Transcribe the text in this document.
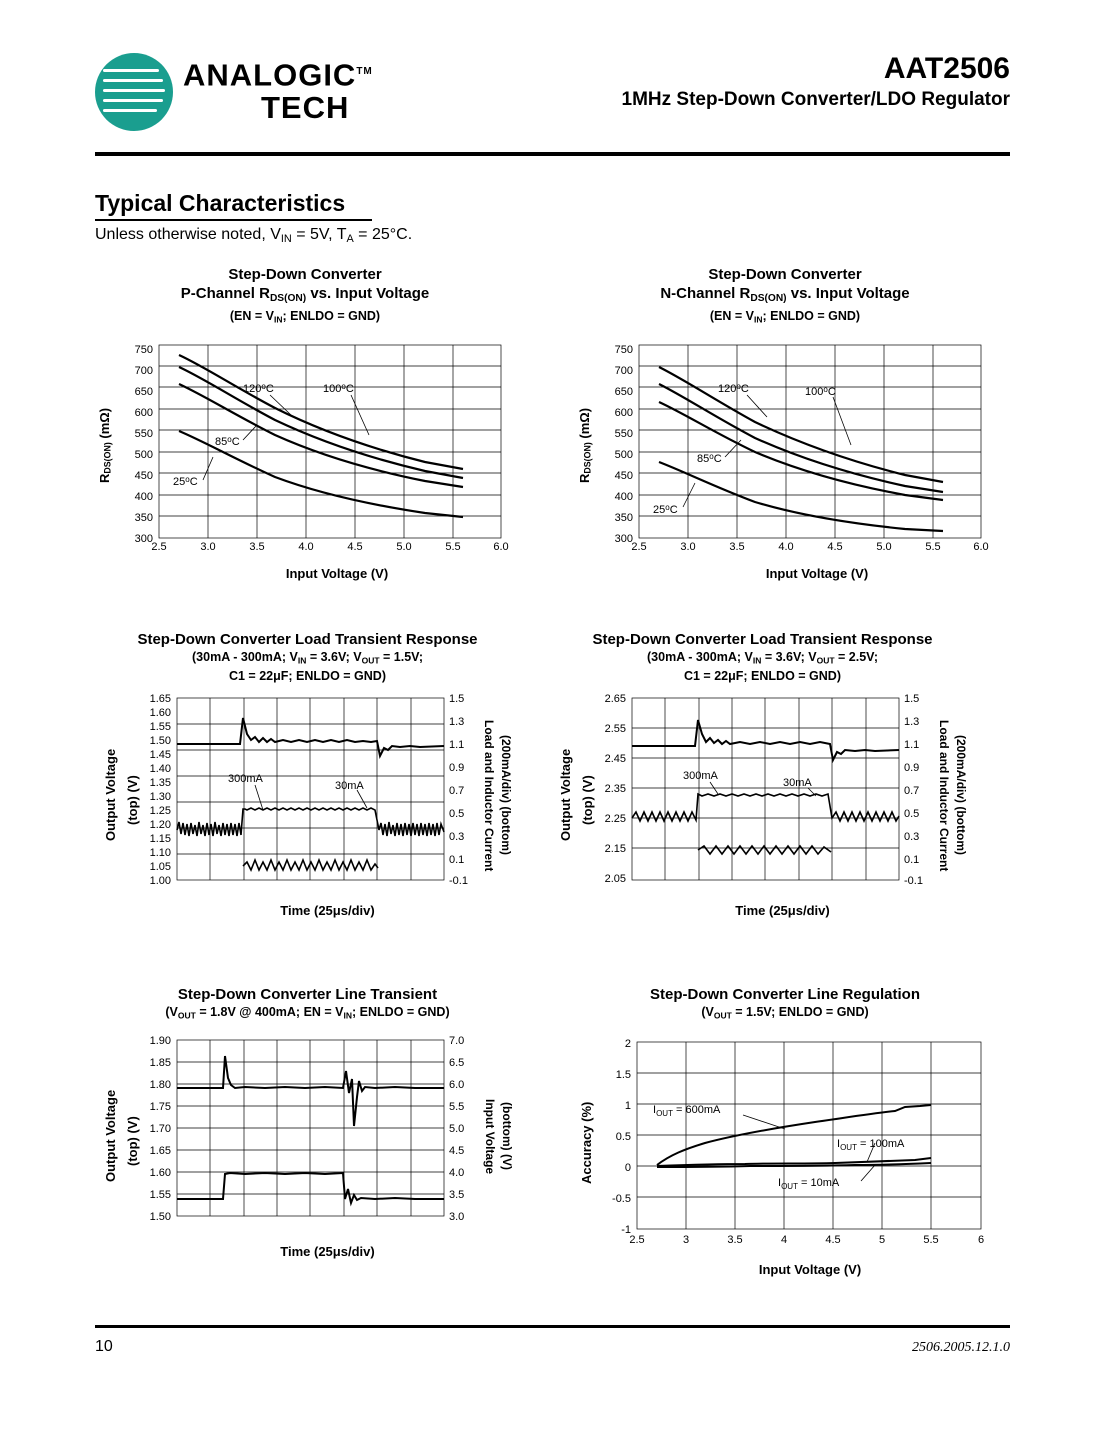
ANALOGIC™
TECH
AAT2506
1MHz Step-Down Converter/LDO Regulator
Typical Characteristics
Unless otherwise noted, $V_{IN} = 5V$, $T_A = 25^\circ C$.
Step-Down Converter
P-Channel $R_{DS(ON)}$ vs. Input Voltage
($EN = V_{IN}$; ENLDO = GND)
750
700
650
600
550
500
450
400
350
300
120$^o$C	100$^o$C
85$^o$C
25$^o$C
2.5	3.0	3.5	4.0	4.5	5.0	5.5	6.0
$R_{DS(ON)}$ (mΩ)
Input Voltage (V)
Step-Down Converter
N-Channel $R_{DS(ON)}$ vs. Input Voltage
($EN = V_{IN}$; ENLDO = GND)
750
700
650
600
550
500
450
400
350
300
120$^o$C	100$^o$C
85$^o$C
25$^o$C
2.5	3.0	3.5	4.0	4.5	5.0	5.5	6.0
$R_{DS(ON)}$ (mΩ)
Input Voltage (V)
Step-Down Converter Load Transient Response
(30mA - 300mA; $V_{IN} = 3.6V$; $V_{OUT} = 1.5V$;
C1 = 22μF; ENLDO = GND)
1.65
1.60
1.55
1.50
1.45
1.40
1.35
1.30
1.25
1.20
1.15
1.10
1.05
1.00
1.5
1.3
1.1
0.9
0.7
0.5
0.3
0.1
-0.1
300mA
30mA
Output Voltage (top) (V)	Load and Inductor Current (200mA/div) (bottom)
Time (25μs/div)
Step-Down Converter Load Transient Response
(30mA - 300mA; $V_{IN} = 3.6V$; $V_{OUT} = 2.5V$;
C1 = 22μF; ENLDO = GND)
2.65
2.55
2.45
2.35
2.25
2.15
2.05
1.5
1.3
1.1
0.9
0.7
0.5
0.3
0.1
-0.1
300mA
30mA
Output Voltage (top) (V)	Load and Inductor Current (200mA/div) (bottom)
Time (25μs/div)
Step-Down Converter Line Transient
($V_{OUT} = 1.8V$ @ 400mA; EN = $V_{IN}$; ENLDO = GND)
1.90
1.85
1.80
1.75
1.70
1.65
1.60
1.55
1.50
7.0
6.5
6.0
5.5
5.0
4.5
4.0
3.5
3.0
Output Voltage (top) (V)	Input Voltage (bottom) (V)
Time (25μs/div)
Step-Down Converter Line Regulation
($V_{OUT} = 1.5V$; ENLDO = GND)
2
1.5
1
0.5
0
-0.5
-1
$I_{OUT} = 600mA$
$I_{OUT} = 100mA$
$I_{OUT} = 10mA$
2.5	3	3.5	4	4.5	5	5.5	6
Accuracy (%)
Input Voltage (V)
10	2506.2005.12.1.0
